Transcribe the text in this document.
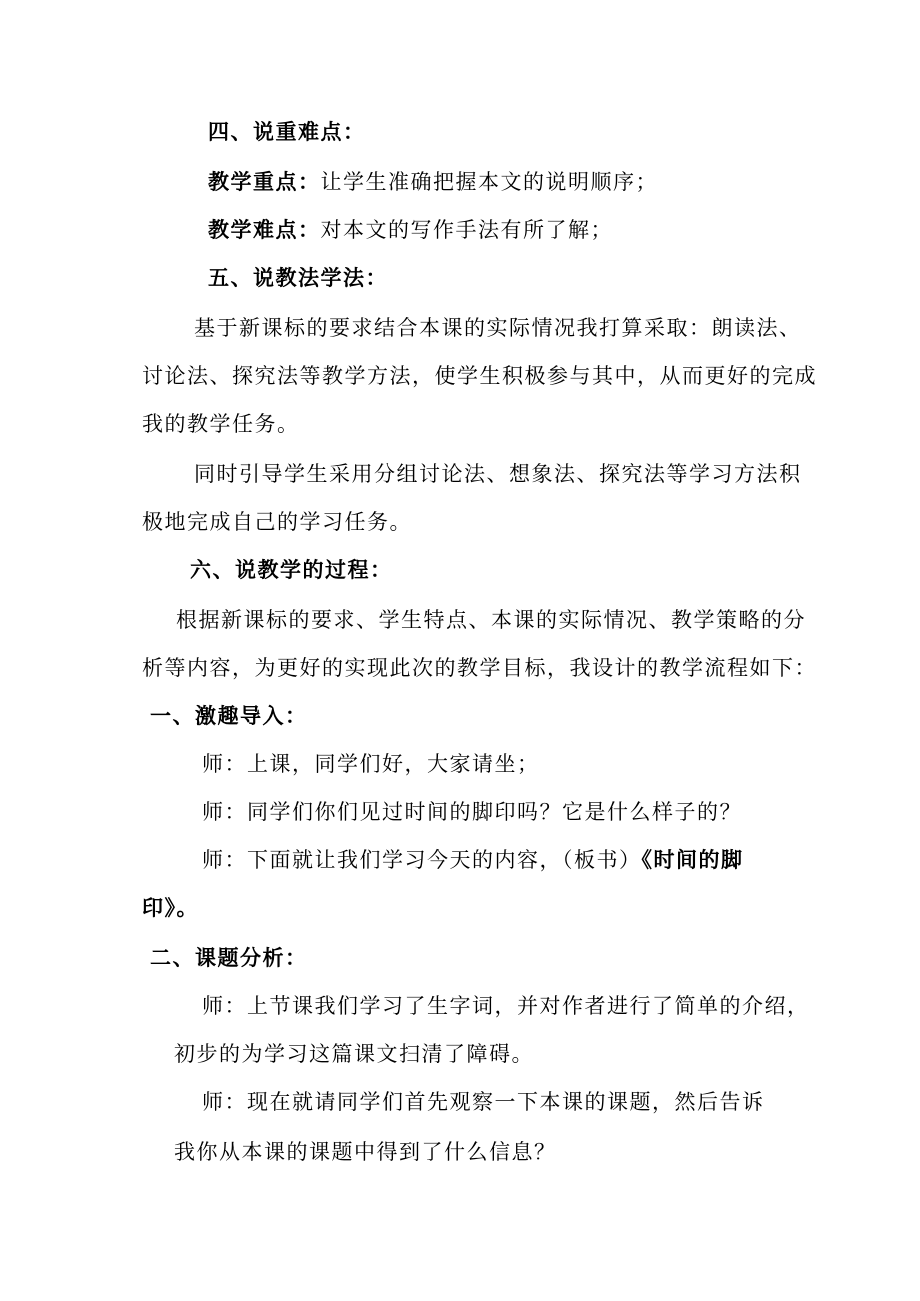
四、说重难点：
教学重点：让学生准确把握本文的说明顺序；
教学难点：对本文的写作手法有所了解；
五、说教法学法：
基于新课标的要求结合本课的实际情况我打算采取：朗读法、
讨论法、探究法等教学方法，使学生积极参与其中，从而更好的完成
我的教学任务。
同时引导学生采用分组讨论法、想象法、探究法等学习方法积
极地完成自己的学习任务。
六、说教学的过程：
根据新课标的要求、学生特点、本课的实际情况、教学策略的分
析等内容，为更好的实现此次的教学目标，我设计的教学流程如下：
一、激趣导入：
师：上课，同学们好，大家请坐；
师：同学们你们见过时间的脚印吗？它是什么样子的？
师：下面就让我们学习今天的内容，（板书）《时间的脚
印》。
二、课题分析：
师：上节课我们学习了生字词，并对作者进行了简单的介绍，
初步的为学习这篇课文扫清了障碍。
师：现在就请同学们首先观察一下本课的课题，然后告诉
我你从本课的课题中得到了什么信息？
